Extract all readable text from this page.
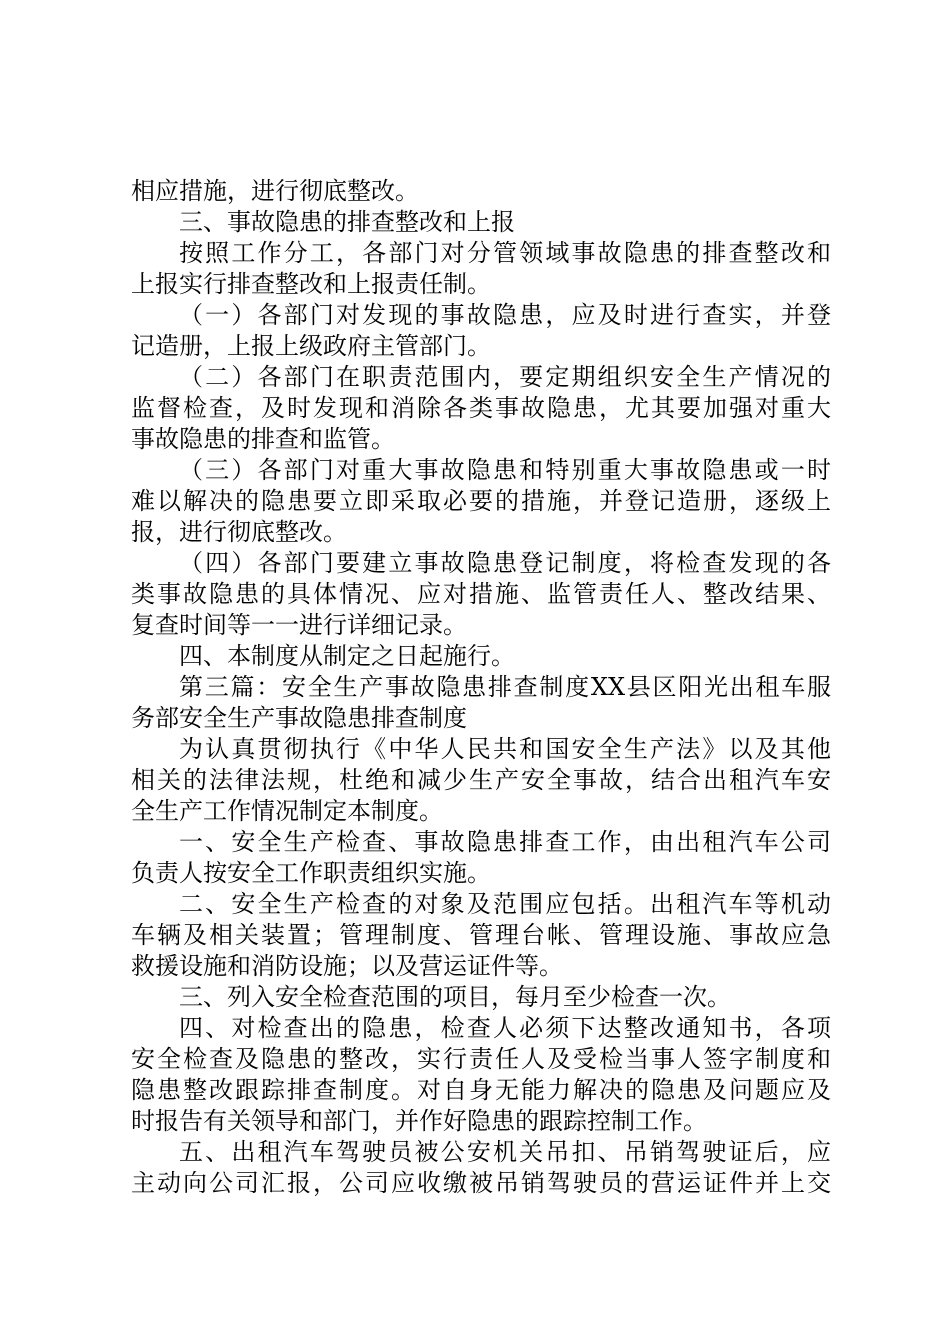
相应措施，进行彻底整改。
三、事故隐患的排查整改和上报
按照工作分工，各部门对分管领域事故隐患的排查整改和
上报实行排查整改和上报责任制。
（一）各部门对发现的事故隐患，应及时进行查实，并登
记造册，上报上级政府主管部门。
（二）各部门在职责范围内，要定期组织安全生产情况的
监督检查，及时发现和消除各类事故隐患，尤其要加强对重大
事故隐患的排查和监管。
（三）各部门对重大事故隐患和特别重大事故隐患或一时
难以解决的隐患要立即采取必要的措施，并登记造册，逐级上
报，进行彻底整改。
（四）各部门要建立事故隐患登记制度，将检查发现的各
类事故隐患的具体情况、应对措施、监管责任人、整改结果、
复查时间等一一进行详细记录。
四、本制度从制定之日起施行。
第三篇：安全生产事故隐患排查制度XX县区阳光出租车服
务部安全生产事故隐患排查制度
为认真贯彻执行《中华人民共和国安全生产法》以及其他
相关的法律法规，杜绝和减少生产安全事故，结合出租汽车安
全生产工作情况制定本制度。
一、安全生产检查、事故隐患排查工作，由出租汽车公司
负责人按安全工作职责组织实施。
二、安全生产检查的对象及范围应包括。出租汽车等机动
车辆及相关装置；管理制度、管理台帐、管理设施、事故应急
救援设施和消防设施；以及营运证件等。
三、列入安全检查范围的项目，每月至少检查一次。
四、对检查出的隐患，检查人必须下达整改通知书，各项
安全检查及隐患的整改，实行责任人及受检当事人签字制度和
隐患整改跟踪排查制度。对自身无能力解决的隐患及问题应及
时报告有关领导和部门，并作好隐患的跟踪控制工作。
五、出租汽车驾驶员被公安机关吊扣、吊销驾驶证后，应
主动向公司汇报，公司应收缴被吊销驾驶员的营运证件并上交
